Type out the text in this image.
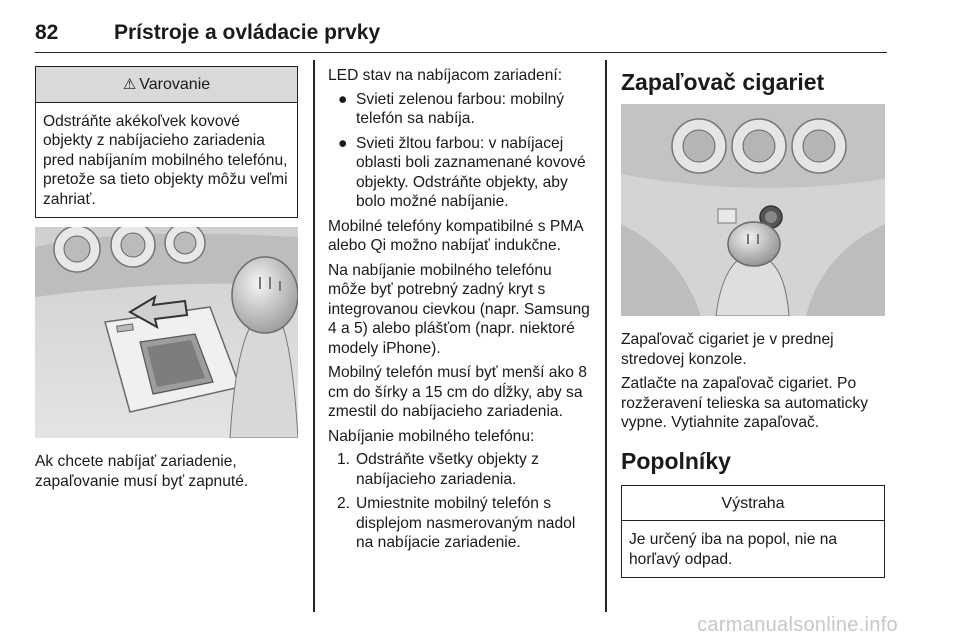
82	Prístroje a ovládacie prvky
⚠ Varovanie

Odstráňte akékoľvek kovové objekty z nabíjacieho zariadenia pred nabíjaním mobilného telefónu, pretože sa tieto objekty môžu veľmi zahriať.

Ak chcete nabíjať zariadenie, zapaľovanie musí byť zapnuté.

LED stav na nabíjacom zariadení:

● Svieti zelenou farbou: mobilný telefón sa nabíja.
● Svieti žltou farbou: v nabíjacej oblasti boli zaznamenané kovové objekty. Odstráňte objekty, aby bolo možné nabíjanie.

Mobilné telefóny kompatibilné s PMA alebo Qi možno nabíjať indukčne.

Na nabíjanie mobilného telefónu môže byť potrebný zadný kryt s integrovanou cievkou (napr. Samsung 4 a 5) alebo plášťom (napr. niektoré modely iPhone).

Mobilný telefón musí byť menší ako 8 cm do šírky a 15 cm do dĺžky, aby sa zmestil do nabíjacieho zariadenia.

Nabíjanie mobilného telefónu:

1. Odstráňte všetky objekty z nabíjacieho zariadenia.
2. Umiestnite mobilný telefón s displejom nasmerovaným nadol na nabíjacie zariadenie.
Zapaľovač cigariet

Zapaľovač cigariet je v prednej stredovej konzole.

Zatlačte na zapaľovač cigariet. Po rozžeravení telieska sa automaticky vypne. Vytiahnite zapaľovač.

Popolníky
Výstraha

Je určený iba na popol, nie na horľavý odpad.

carmanualsonline.info
